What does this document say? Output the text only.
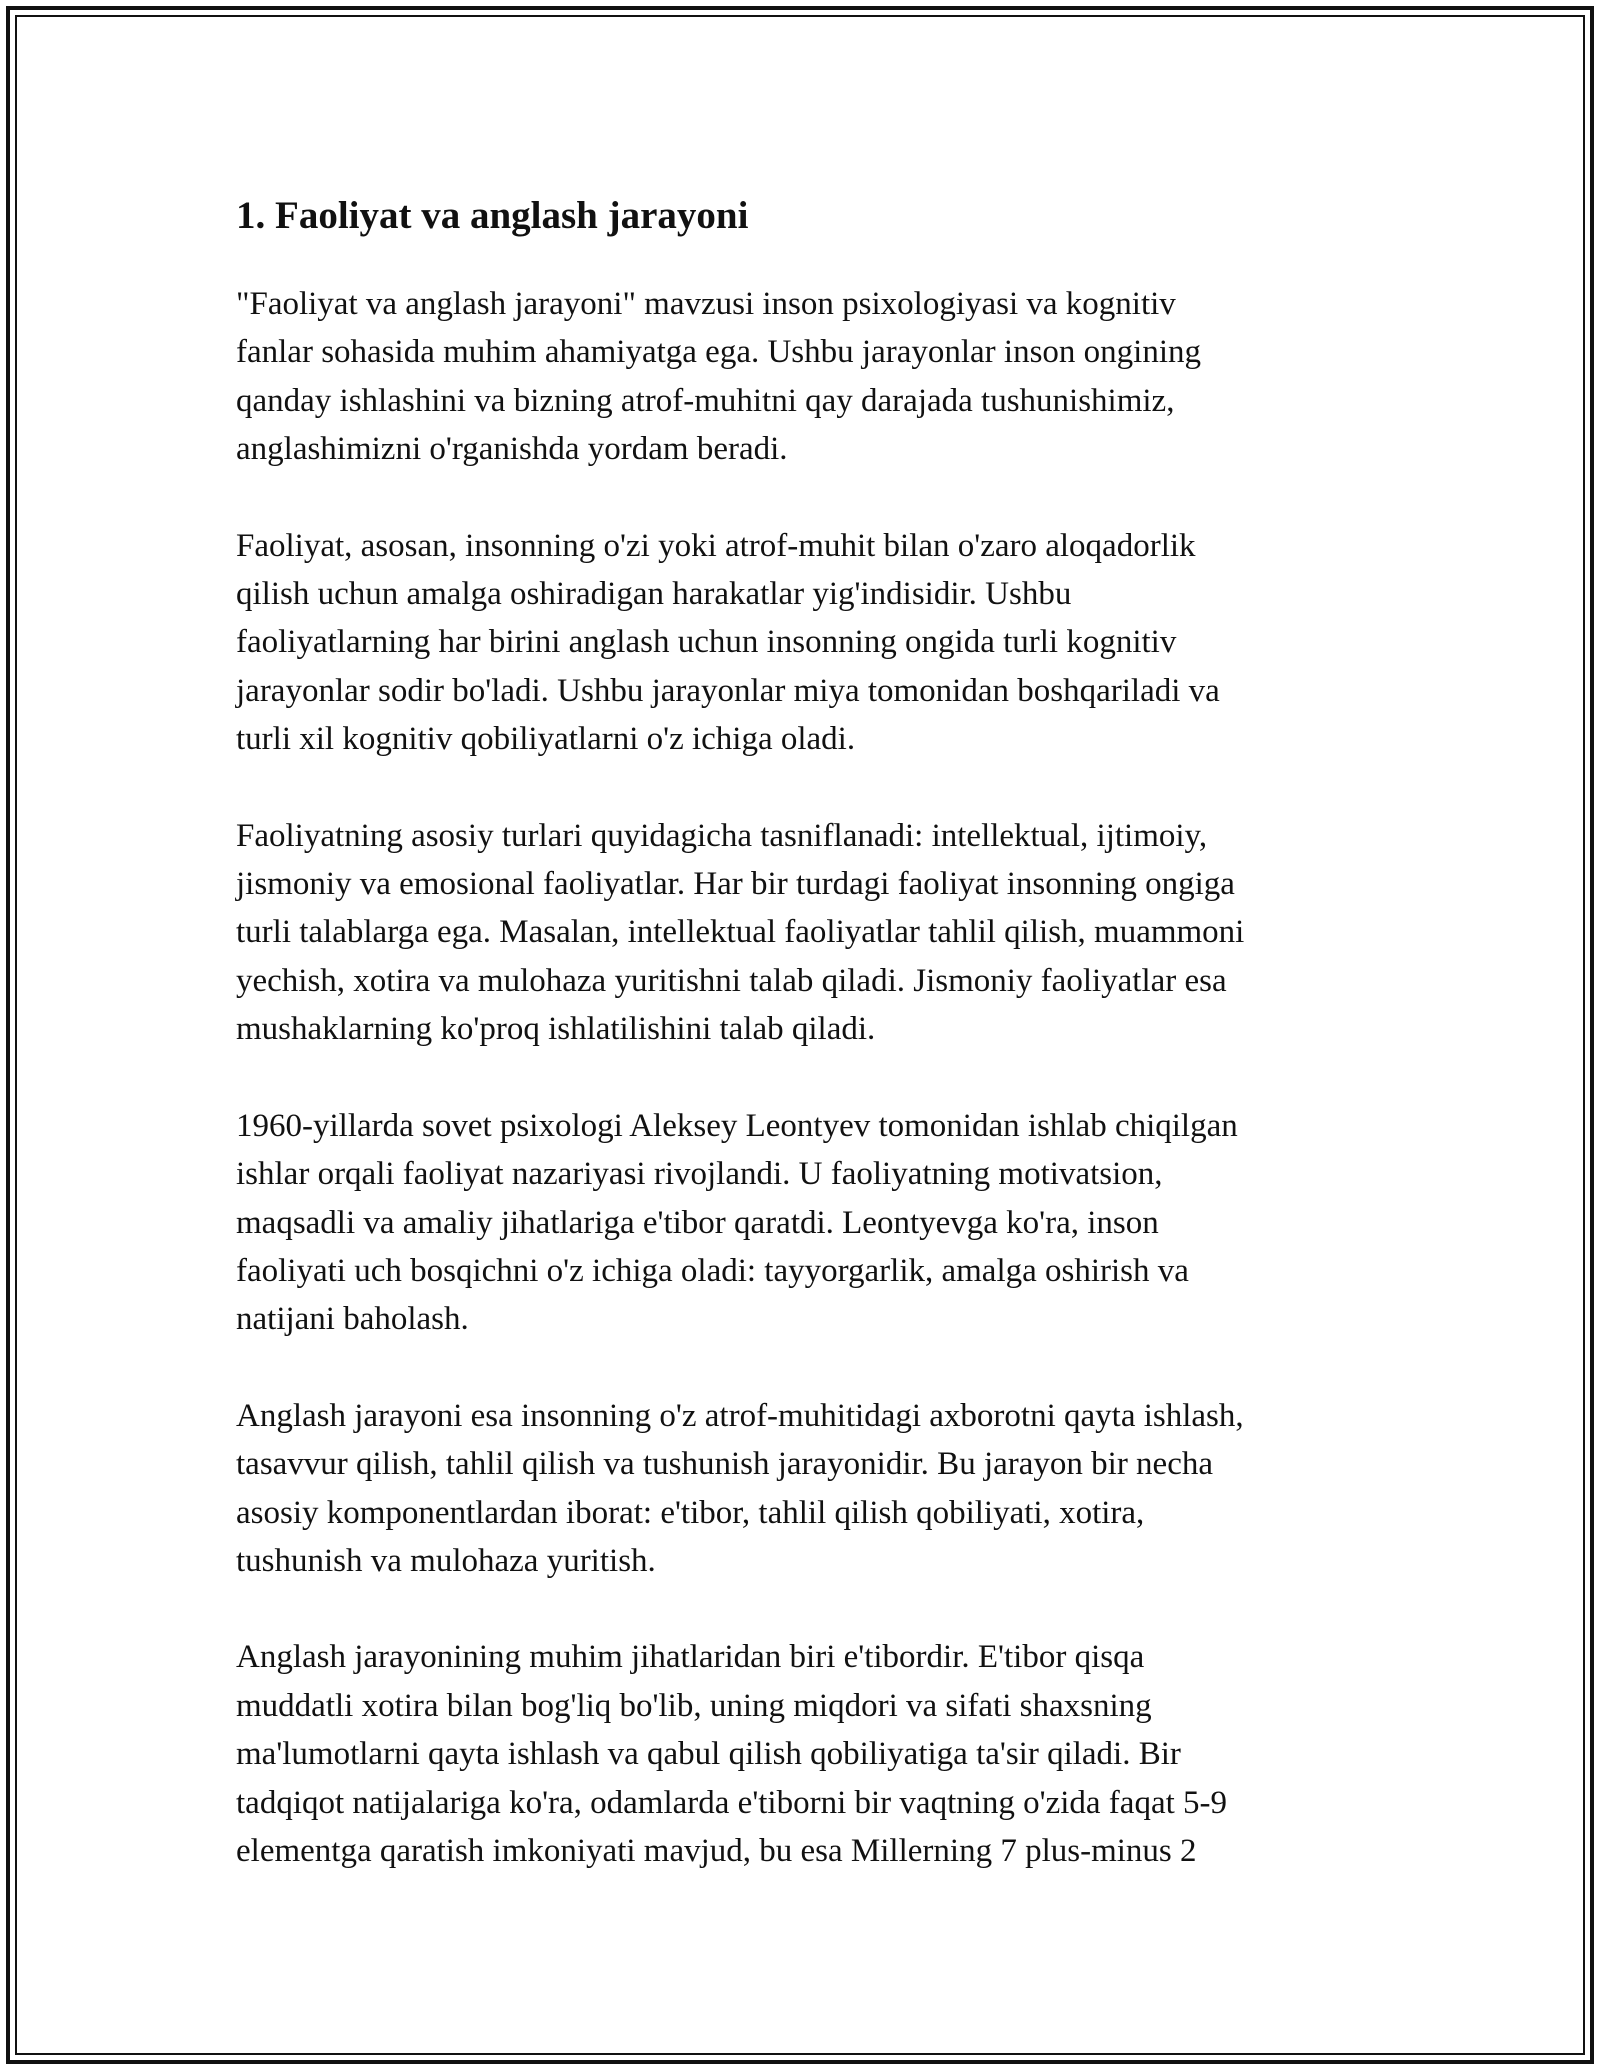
1. Faoliyat va anglash jarayoni

"Faoliyat va anglash jarayoni" mavzusi inson psixologiyasi va kognitiv
fanlar sohasida muhim ahamiyatga ega. Ushbu jarayonlar inson ongining
qanday ishlashini va bizning atrof-muhitni qay darajada tushunishimiz,
anglashimizni o'rganishda yordam beradi.

Faoliyat, asosan, insonning o'zi yoki atrof-muhit bilan o'zaro aloqadorlik
qilish uchun amalga oshiradigan harakatlar yig'indisidir. Ushbu
faoliyatlarning har birini anglash uchun insonning ongida turli kognitiv
jarayonlar sodir bo'ladi. Ushbu jarayonlar miya tomonidan boshqariladi va
turli xil kognitiv qobiliyatlarni o'z ichiga oladi.

Faoliyatning asosiy turlari quyidagicha tasniflanadi: intellektual, ijtimoiy,
jismoniy va emosional faoliyatlar. Har bir turdagi faoliyat insonning ongiga
turli talablarga ega. Masalan, intellektual faoliyatlar tahlil qilish, muammoni
yechish, xotira va mulohaza yuritishni talab qiladi. Jismoniy faoliyatlar esa
mushaklarning ko'proq ishlatilishini talab qiladi.

1960-yillarda sovet psixologi Aleksey Leontyev tomonidan ishlab chiqilgan
ishlar orqali faoliyat nazariyasi rivojlandi. U faoliyatning motivatsion,
maqsadli va amaliy jihatlariga e'tibor qaratdi. Leontyevga ko'ra, inson
faoliyati uch bosqichni o'z ichiga oladi: tayyorgarlik, amalga oshirish va
natijani baholash.

Anglash jarayoni esa insonning o'z atrof-muhitidagi axborotni qayta ishlash,
tasavvur qilish, tahlil qilish va tushunish jarayonidir. Bu jarayon bir necha
asosiy komponentlardan iborat: e'tibor, tahlil qilish qobiliyati, xotira,
tushunish va mulohaza yuritish.

Anglash jarayonining muhim jihatlaridan biri e'tibordir. E'tibor qisqa
muddatli xotira bilan bog'liq bo'lib, uning miqdori va sifati shaxsning
ma'lumotlarni qayta ishlash va qabul qilish qobiliyatiga ta'sir qiladi. Bir
tadqiqot natijalariga ko'ra, odamlarda e'tiborni bir vaqtning o'zida faqat 5-9
elementga qaratish imkoniyati mavjud, bu esa Millerning 7 plus-minus 2
